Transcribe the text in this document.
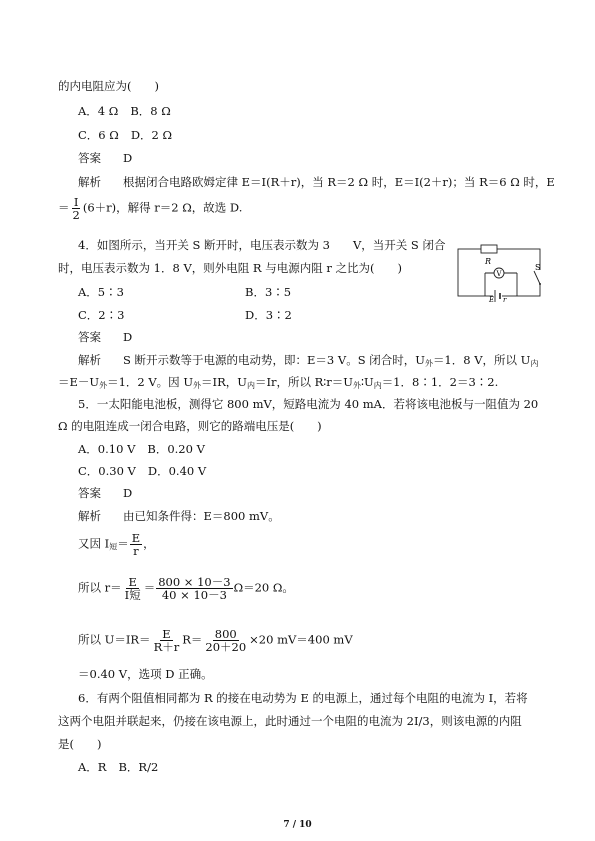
的内电阻应为(　　)
A．4 Ω B．8 Ω
C．6 Ω D．2 Ω
答案 D
解析 根据闭合电路欧姆定律 E＝I(R＋r)，当 R＝2 Ω 时，E＝I(2＋r)；当 R＝6 Ω 时，E
＝ $\frac{I}{2} (6+r)$，解得 r＝2 Ω，故选 D.
4．如图所示，当开关 S 断开时，电压表示数为 3　　V，当开关 S 闭合
时，电压表示数为 1．8 V，则外电阻 R 与电源内阻 r 之比为(　　)
A．5∶3	B．3∶5
C．2∶3	D．3∶2
答案 D
解析 S 断开示数等于电源的电动势，即：E＝3 V。S 闭合时，$U_外=1$．8 V，所以 $U_内$
$=E-U_外=1$．2 V。因 $U_外=IR$，$U_内=Ir$，所以 $R∶r=U_外∶U_内=1$．8∶1．2＝3∶2.
R
V
S
E r
5．一太阳能电池板，测得它 800 mV，短路电流为 40 mA．若将该电池板与一阻值为 20
Ω 的电阻连成一闭合电路，则它的路端电压是(　　)
A．0.10 V B．0.20 V
C．0.30 V D．0.40 V
答案 D
解析 由已知条件得：E＝800 mV。
又因 $I_短= \frac{E}{r}$ ，
所以 $r= \frac{E}{\text{I短}} = \frac{800 \times 10-3}{40 \times 10-3} \Omega=20$ Ω。
所以 $U=IR= \frac{E}{R+r} R= \frac{800}{20+20} \times 20$ mV＝400 mV
＝0.40 V，选项 D 正确。
6．有两个阻值相同都为 R 的接在电动势为 E 的电源上，通过每个电阻的电流为 I，若将
这两个电阻并联起来，仍接在该电源上，此时通过一个电阻的电流为 2I/3，则该电源的内阻
是(　　)
A．R B．R/2
7 / 10
